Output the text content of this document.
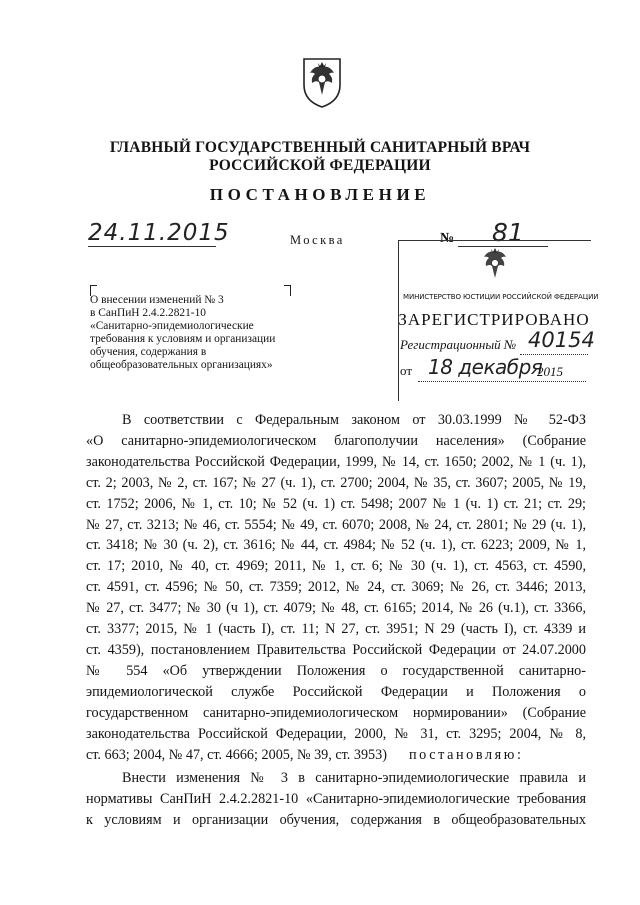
ГЛАВНЫЙ ГОСУДАРСТВЕННЫЙ САНИТАРНЫЙ ВРАЧ
РОССИЙСКОЙ ФЕДЕРАЦИИ
ПОСТАНОВЛЕНИЕ
24.11.2015	Москва	№ 81
МИНИСТЕРСТВО ЮСТИЦИИ РОССИЙСКОЙ ФЕДЕРАЦИИ
ЗАРЕГИСТРИРОВАНО
Регистрационный № 40154
от 18 декабря
2015
О внесении изменений № 3
в СанПиН 2.4.2.2821-10
«Санитарно-эпидемиологические
требования к условиям и организации
обучения, содержания в
общеобразовательных организациях»
В соответствии с Федеральным законом от 30.03.1999 № 52-ФЗ
«О санитарно-эпидемиологическом благополучии населения» (Собрание
законодательства Российской Федерации, 1999, № 14, ст. 1650; 2002, № 1 (ч. 1),
ст. 2; 2003, № 2, ст. 167; № 27 (ч. 1), ст. 2700; 2004, № 35, ст. 3607; 2005, № 19,
ст. 1752; 2006, № 1, ст. 10; № 52 (ч. 1) ст. 5498; 2007 № 1 (ч. 1) ст. 21; ст. 29;
№ 27, ст. 3213; № 46, ст. 5554; № 49, ст. 6070; 2008, № 24, ст. 2801; № 29 (ч. 1),
ст. 3418; № 30 (ч. 2), ст. 3616; № 44, ст. 4984; № 52 (ч. 1), ст. 6223; 2009, № 1,
ст. 17; 2010, № 40, ст. 4969; 2011, № 1, ст. 6; № 30 (ч. 1), ст. 4563, ст. 4590,
ст. 4591, ст. 4596; № 50, ст. 7359; 2012, № 24, ст. 3069; № 26, ст. 3446; 2013,
№ 27, ст. 3477; № 30 (ч 1), ст. 4079; № 48, ст. 6165; 2014, № 26 (ч.1), ст. 3366,
ст. 3377; 2015, № 1 (часть I), ст. 11; N 27, ст. 3951; N 29 (часть I), ст. 4339 и
ст. 4359), постановлением Правительства Российской Федерации от 24.07.2000
№ 554 «Об утверждении Положения о государственной санитарно-
эпидемиологической службе Российской Федерации и Положения о
государственном санитарно-эпидемиологическом нормировании» (Собрание
законодательства Российской Федерации, 2000, № 31, ст. 3295; 2004, № 8,
ст. 663; 2004, № 47, ст. 4666; 2005, № 39, ст. 3953) постановляю:
Внести изменения № 3 в санитарно-эпидемиологические правила и
нормативы СанПиН 2.4.2.2821-10 «Санитарно-эпидемиологические требования
к условиям и организации обучения, содержания в общеобразовательных
